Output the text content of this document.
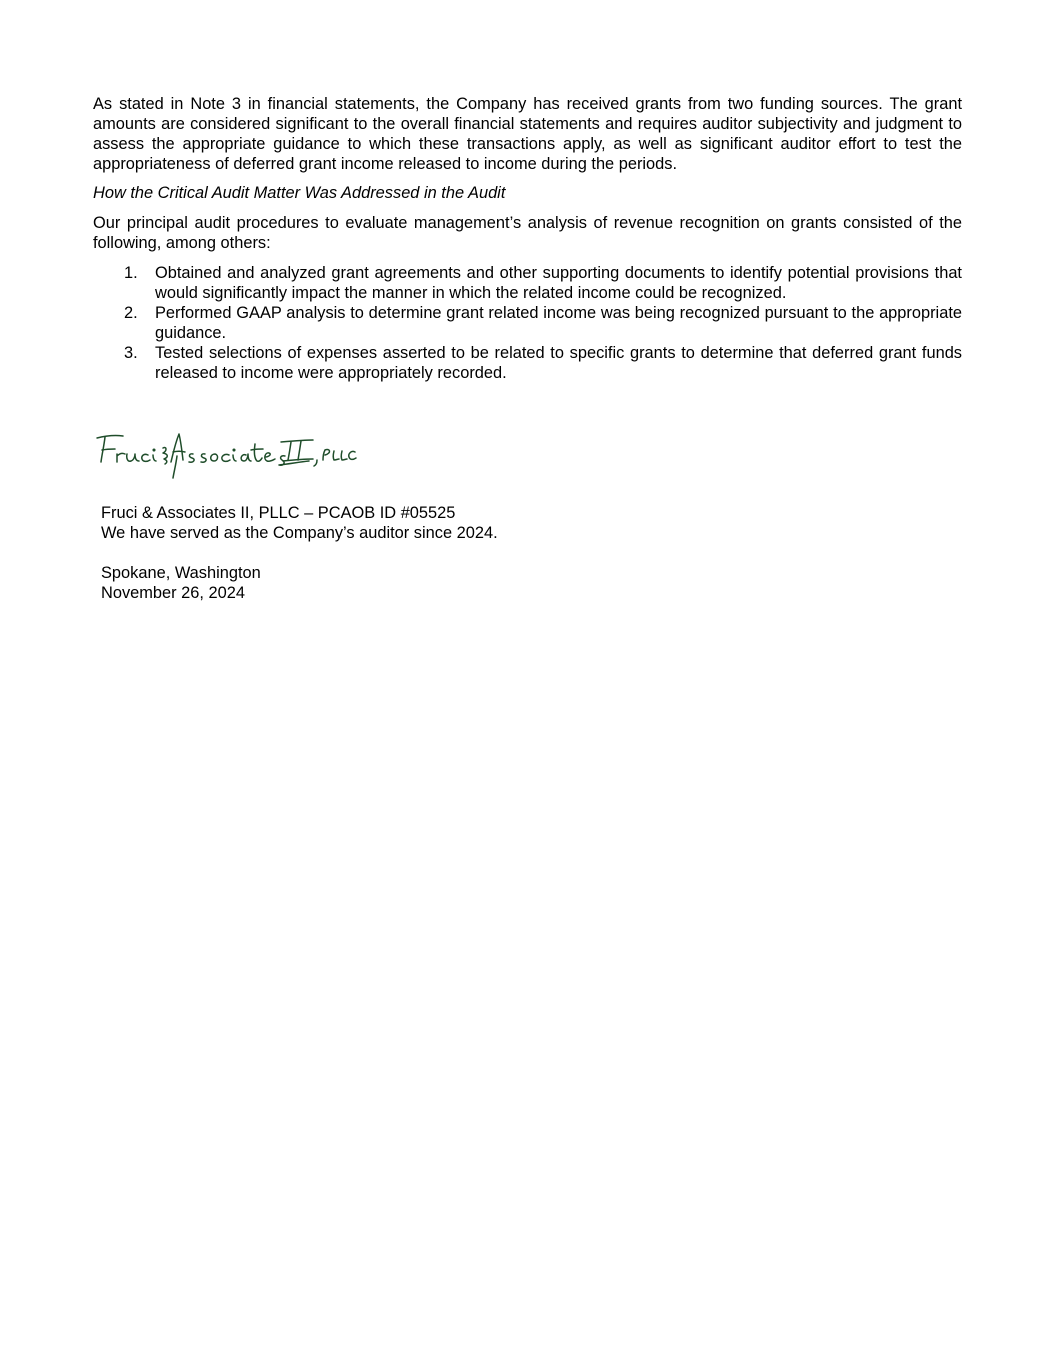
As stated in Note 3 in financial statements, the Company has received grants from two funding sources. The grant amounts are considered significant to the overall financial statements and requires auditor subjectivity and judgment to assess the appropriate guidance to which these transactions apply, as well as significant auditor effort to test the appropriateness of deferred grant income released to income during the periods.

How the Critical Audit Matter Was Addressed in the Audit

Our principal audit procedures to evaluate management’s analysis of revenue recognition on grants consisted of the following, among others:

1.	Obtained and analyzed grant agreements and other supporting documents to identify potential provisions that would significantly impact the manner in which the related income could be recognized.
2.	Performed GAAP analysis to determine grant related income was being recognized pursuant to the appropriate guidance.
3.	Tested selections of expenses asserted to be related to specific grants to determine that deferred grant funds released to income were appropriately recorded.
Fruci & Associates II, PLLC – PCAOB ID #05525
We have served as the Company’s auditor since 2024.
Spokane, Washington
November 26, 2024
